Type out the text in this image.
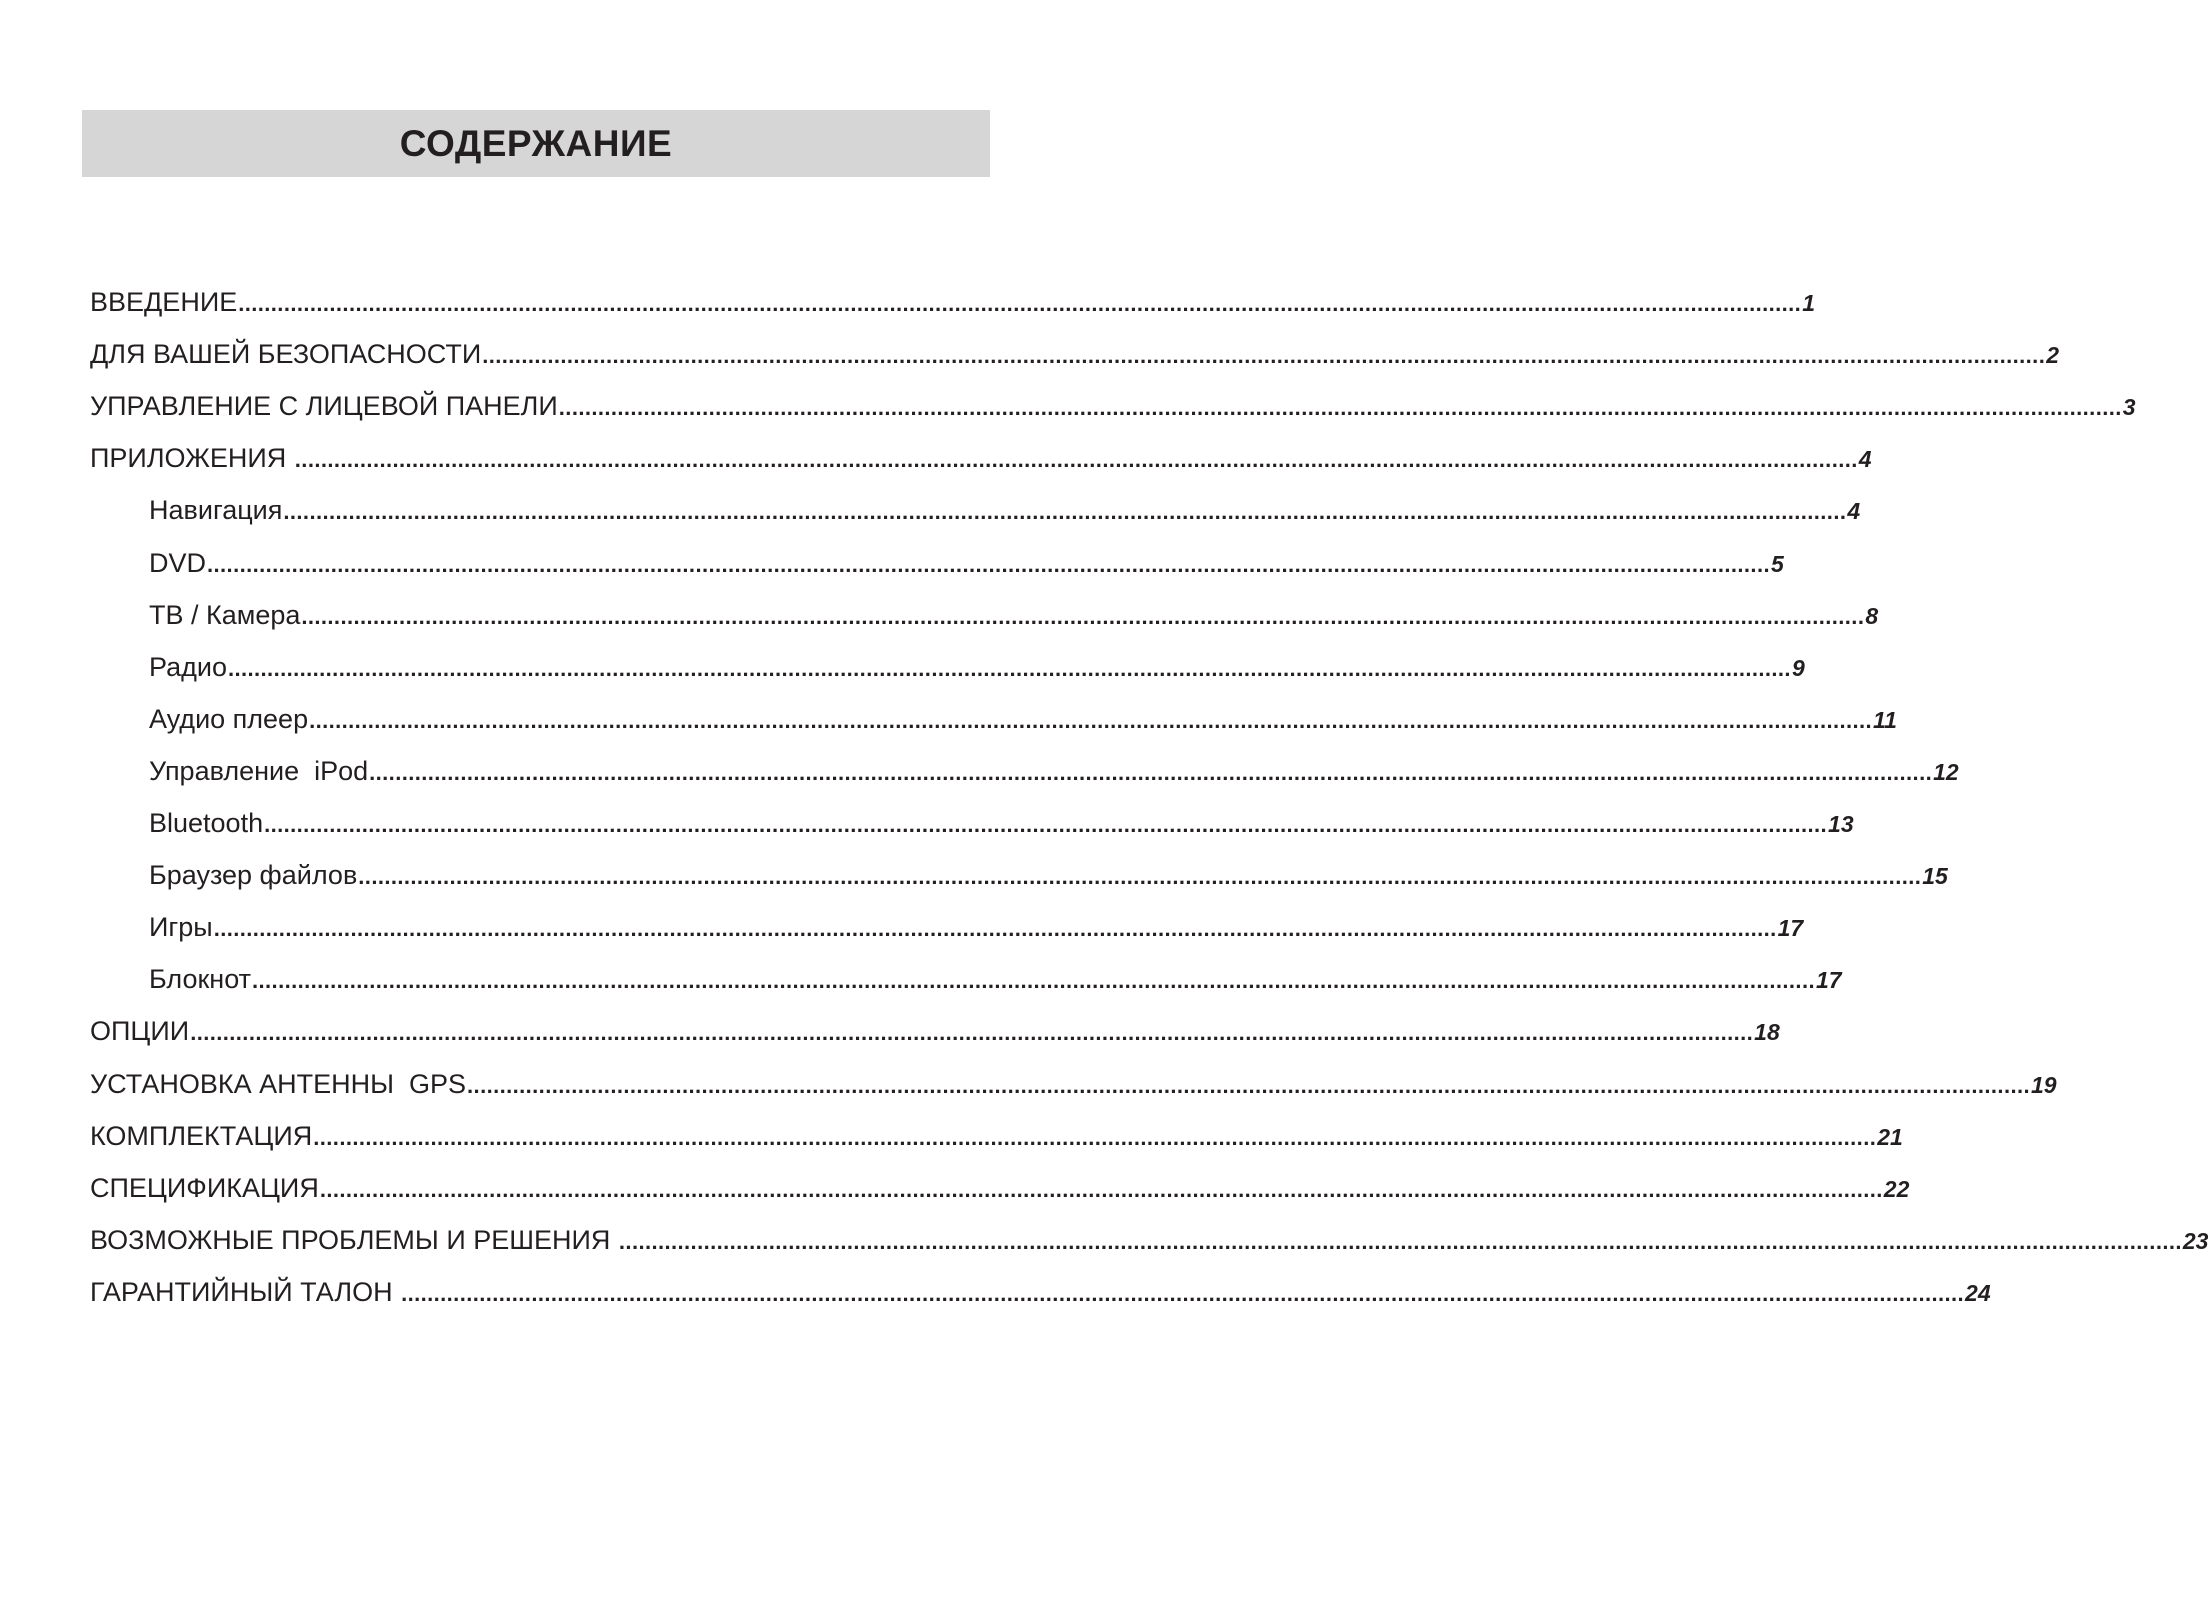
СОДЕРЖАНИЕ
ВВЕДЕНИЕ ................................................................................................................................................................................................................................................ 1
ДЛЯ ВАШЕЙ БЕЗОПАСНОСТИ ................................................................................................................................................................................................................................................ 2
УПРАВЛЕНИЕ С ЛИЦЕВОЙ ПАНЕЛИ ................................................................................................................................................................................................................................................ 3
ПРИЛОЖЕНИЯ ................................................................................................................................................................................................................................................ 4
Навигация ................................................................................................................................................................................................................................................ 4
DVD ................................................................................................................................................................................................................................................ 5
ТВ / Камера ................................................................................................................................................................................................................................................ 8
Радио ................................................................................................................................................................................................................................................ 9
Аудио плеер ................................................................................................................................................................................................................................................ 11
Управление  iPod ................................................................................................................................................................................................................................................ 12
Bluetooth ................................................................................................................................................................................................................................................ 13
Браузер файлов ................................................................................................................................................................................................................................................ 15
Игры ................................................................................................................................................................................................................................................ 17
Блокнот ................................................................................................................................................................................................................................................ 17
ОПЦИИ ................................................................................................................................................................................................................................................ 18
УСТАНОВКА АНТЕННЫ  GPS ................................................................................................................................................................................................................................................ 19
КОМПЛЕКТАЦИЯ ................................................................................................................................................................................................................................................ 21
СПЕЦИФИКАЦИЯ ................................................................................................................................................................................................................................................ 22
ВОЗМОЖНЫЕ ПРОБЛЕМЫ И РЕШЕНИЯ ................................................................................................................................................................................................................................................ 23
ГАРАНТИЙНЫЙ ТАЛОН ................................................................................................................................................................................................................................................ 24
